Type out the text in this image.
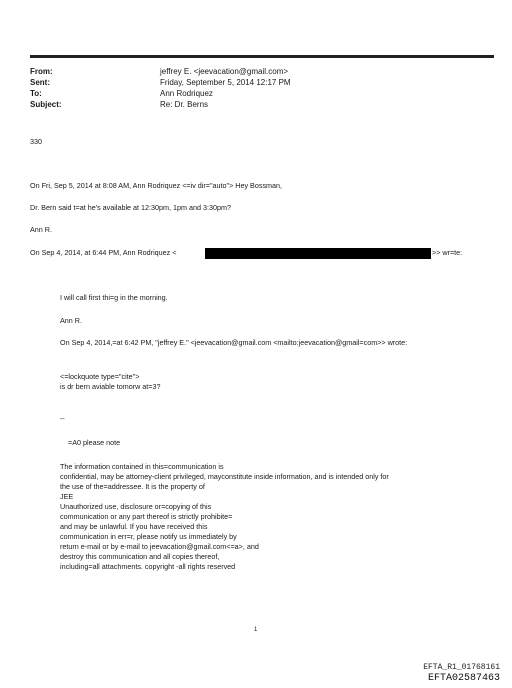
From:	jeffrey E. <jeevacation@gmail.com>
Sent:	Friday, September 5, 2014 12:17 PM
To:	Ann Rodriquez
Subject:	Re: Dr. Berns
330
On Fri, Sep 5, 2014 at 8:08 AM, Ann Rodriquez <=iv dir="auto"> Hey Bossman,
Dr. Bern said t=at he's available at 12:30pm, 1pm and 3:30pm?
Ann R.
On Sep 4, 2014, at 6:44 PM, Ann Rodriquez <	>> wr=te:
I will call first thi=g in the morning.
Ann R.
On Sep 4, 2014,=at 6:42 PM, "jeffrey E." <jeevacation@gmail.com <mailto:jeevacation@gmail=com>> wrote:
<=lockquote type="cite">
is dr bern aviable tomorw at=3?
--
=A0 please note
The information contained in this=communication is
confidential, may be attorney-client privileged, mayconstitute inside information, and is intended only for
the use of the=addressee. It is the property of
JEE
Unauthorized use, disclosure or=copying of this
communication or any part thereof is strictly prohibite=
and may be unlawful. If you have received this
communication in err=r, please notify us immediately by
return e-mail or by e-mail to jeevacation@gmail.com<=a>, and
destroy this communication and all copies thereof,
including=all attachments. copyright -all rights reserved
1
EFTA_R1_01768161
EFTA02587463
